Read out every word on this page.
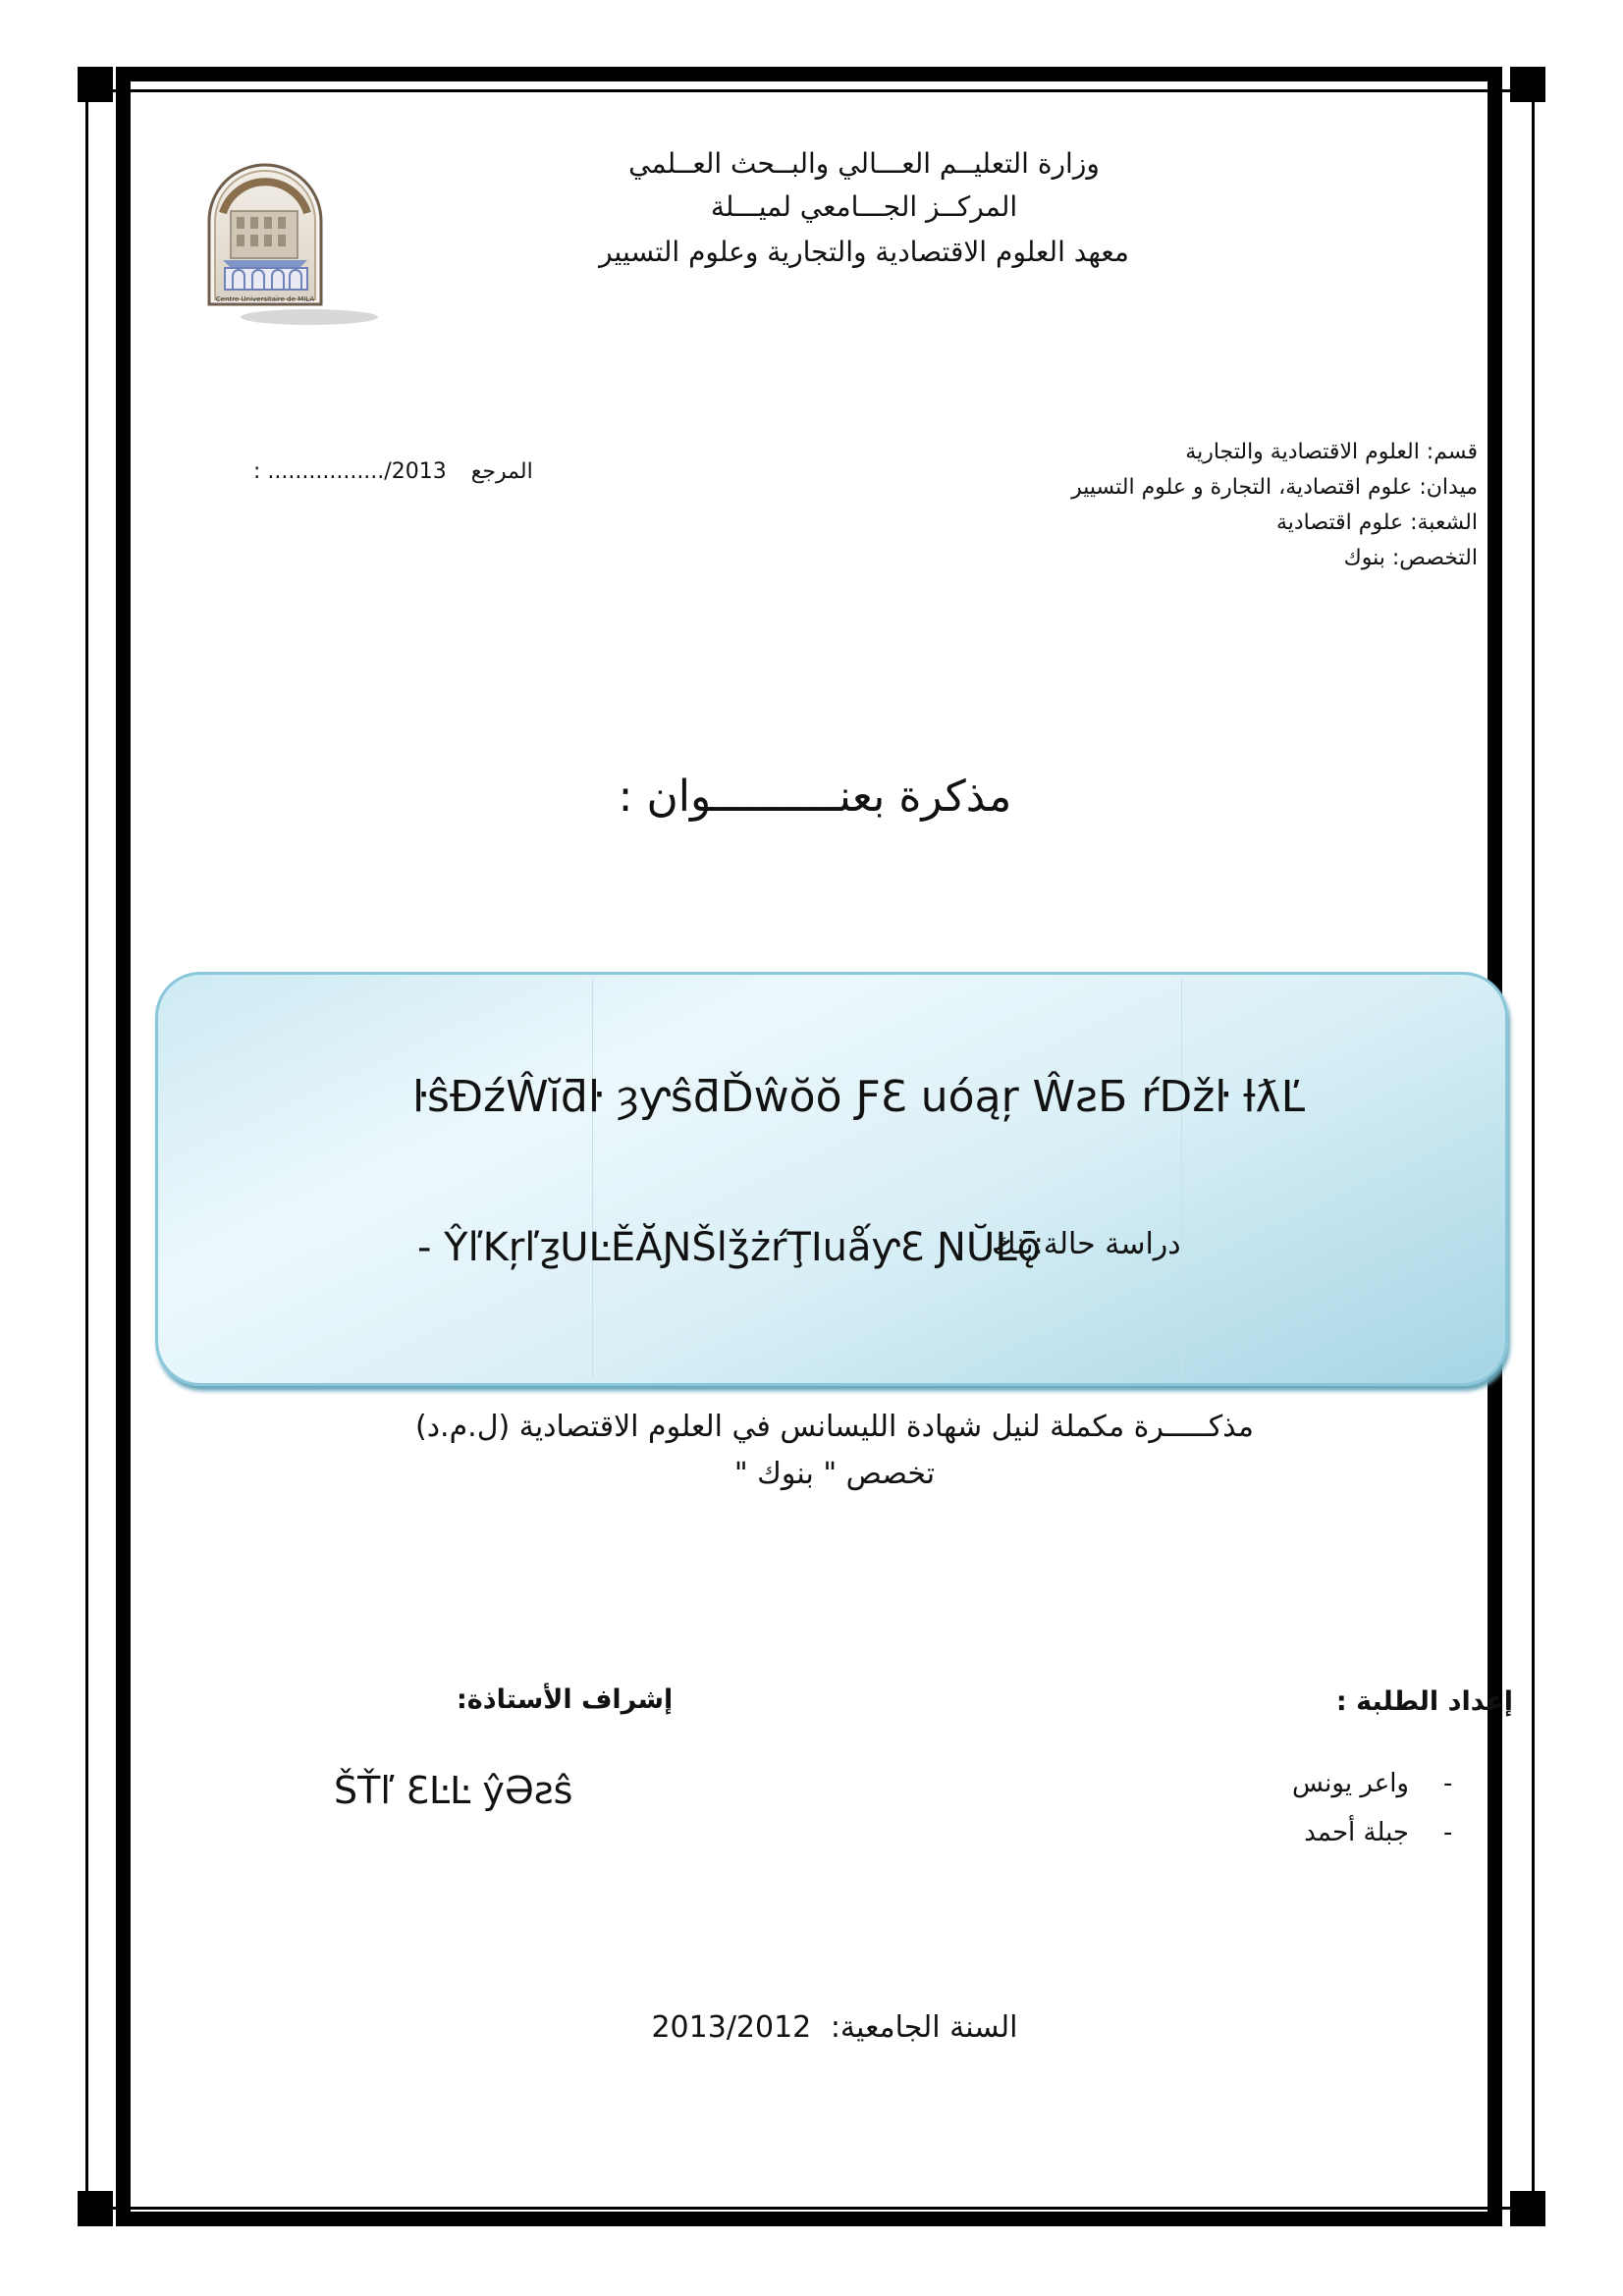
Centre Universitaire de MILA
وزارة التعليــم العـــالي والبــحث العــلمي
المركــز الجـــامعي لميـــلة
معهد العلوم الاقتصادية والتجارية وعلوم التسيير
: ................./2013 المرجع
قسم: العلوم الاقتصادية والتجارية
ميدان: علوم اقتصادية، التجارة و علوم التسيير
الشعبة: علوم اقتصادية
التخصص: بنوك
مذكرة بعنــــــــــوان :
ŀŝƉźŴĭƌŀ ȝƴŝƌĎŵŏŏ ƑƐ uóąŗ ŴƨƂ ŕDžŀ ƚƛĽ
- ŶľKŗľƺUĿĚĂƝŠlǯżŕŢIuǻƴƐ ƝŬŁǭ
دراسة حالة:بنك
مذكـــــرة مكملة لنيل شهادة الليسانس في العلوم الاقتصادية (ل.م.د)
تخصص " بنوك "
إعداد الطلبة :
إشراف الأستاذة:
واعر يونس -
جبلة أحمد -
ŠŤľ ƐĿĿ ŷƏƨŝ
2013/2012 السنة الجامعية:
